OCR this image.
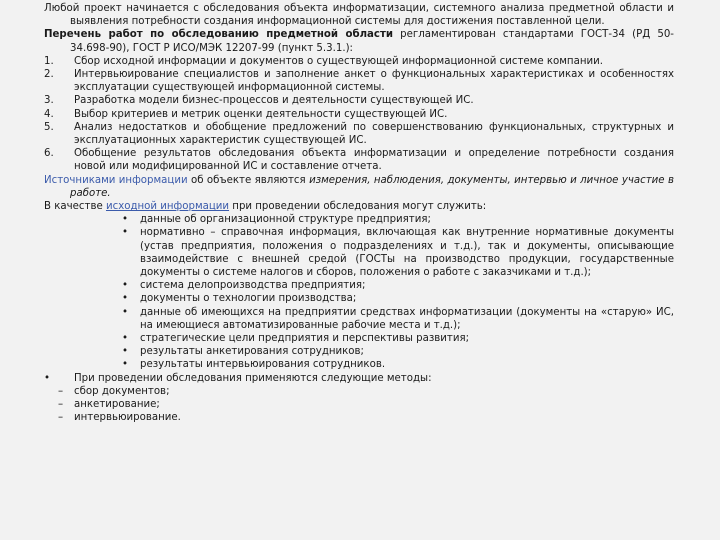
Любой проект начинается с обследования объекта информатизации, системного анализа предметной области и выявления потребности создания информационной системы для достижения поставленной цели.

Перечень работ по обследованию предметной области регламентирован стандартами ГОСТ-34 (РД 50-34.698-90), ГОСТ Р ИСО/МЭК 12207-99 (пункт 5.3.1.):

1.	Сбор исходной информации и документов о существующей информационной системе компании.
2.	Интервьюирование специалистов и заполнение анкет о функциональных характеристиках и особенностях эксплуатации существующей информационной системы.
3.	Разработка модели бизнес-процессов и деятельности существующей ИС.
4.	Выбор критериев и метрик оценки деятельности существующей ИС.
5.	Анализ недостатков и обобщение предложений по совершенствованию функциональных, структурных и эксплуатационных характеристик существующей ИС.
6.	Обобщение результатов обследования объекта информатизации и определение потребности создания новой или модифицированной ИС и составление отчета.

Источниками информации об объекте являются измерения, наблюдения, документы, интервью и личное участие в работе.

В качестве исходной информации при проведении обследования могут служить:

•	данные об организационной структуре предприятия;
•	нормативно – справочная информация, включающая как внутренние нормативные документы (устав предприятия, положения о подразделениях и т.д.), так и документы, описывающие взаимодействие с внешней средой (ГОСТы на производство продукции, государственные документы о системе налогов и сборов, положения о работе с заказчиками и т.д.);
•	система делопроизводства предприятия;
•	документы о технологии производства;
•	данные об имеющихся на предприятии средствах информатизации (документы на «старую» ИС, на имеющиеся автоматизированные рабочие места и т.д.);
•	стратегические цели предприятия и перспективы развития;
•	результаты анкетирования сотрудников;
•	результаты интервьюирования сотрудников.
•	При проведении обследования применяются следующие методы:
–	сбор документов;
–	анкетирование;
–	интервьюирование.
